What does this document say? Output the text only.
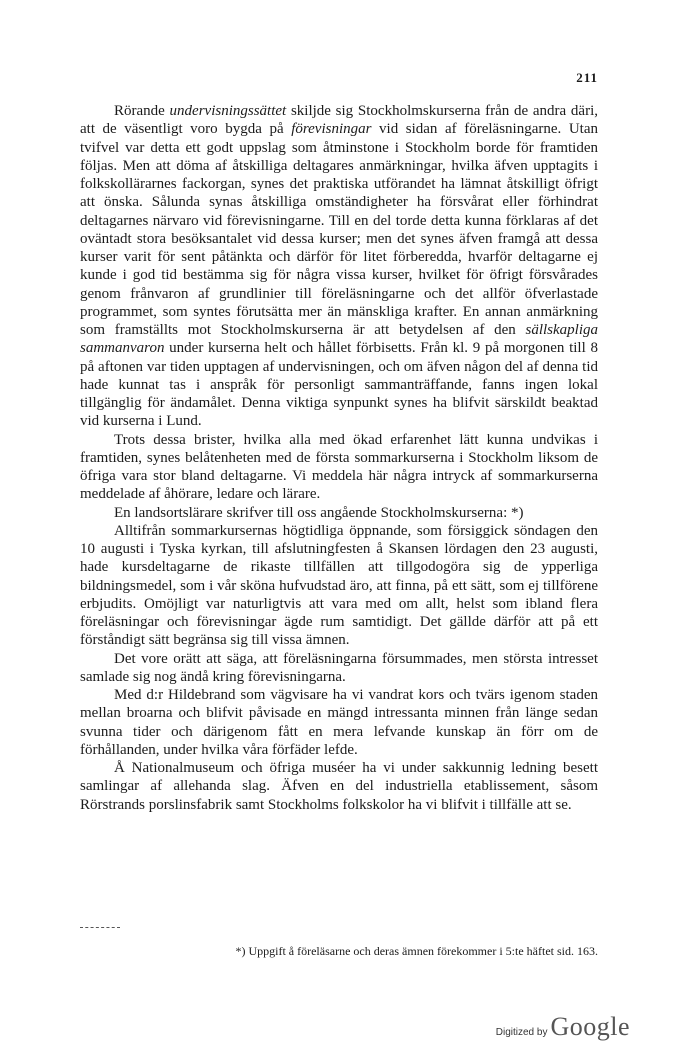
211

Rörande undervisningssättet skiljde sig Stockholmskurserna från de andra däri, att de väsentligt voro bygda på förevisningar vid sidan af föreläsningarne. Utan tvifvel var detta ett godt uppslag som åtminstone i Stockholm borde för framtiden följas. Men att döma af åtskilliga deltagares anmärkningar, hvilka äfven upptagits i folkskollärarnes fackorgan, synes det praktiska utförandet ha lämnat åtskilligt öfrigt att önska. Sålunda synas åtskilliga omständigheter ha försvårat eller förhindrat deltagarnes närvaro vid förevisningarne. Till en del torde detta kunna förklaras af det oväntadt stora besöksantalet vid dessa kurser; men det synes äfven framgå att dessa kurser varit för sent påtänkta och därför för litet förberedda, hvarför deltagarne ej kunde i god tid bestämma sig för några vissa kurser, hvilket för öfrigt försvårades genom frånvaron af grundlinier till föreläsningarne och det allför öfverlastade programmet, som syntes förutsätta mer än mänskliga krafter. En annan anmärkning som framställts mot Stockholmskurserna är att betydelsen af den sällskapliga sammanvaron under kurserna helt och hållet förbisetts. Från kl. 9 på morgonen till 8 på aftonen var tiden upptagen af undervisningen, och om äfven någon del af denna tid hade kunnat tas i anspråk för personligt sammanträffande, fanns ingen lokal tillgänglig för ändamålet. Denna viktiga synpunkt synes ha blifvit särskildt beaktad vid kurserna i Lund.

Trots dessa brister, hvilka alla med ökad erfarenhet lätt kunna undvikas i framtiden, synes belåtenheten med de första sommarkurserna i Stockholm liksom de öfriga vara stor bland deltagarne. Vi meddela här några intryck af sommarkurserna meddelade af åhörare, ledare och lärare.

En landsortslärare skrifver till oss angående Stockholmskurserna: *)

Alltifrån sommarkursernas högtidliga öppnande, som försiggick söndagen den 10 augusti i Tyska kyrkan, till afslutningfesten å Skansen lördagen den 23 augusti, hade kursdeltagarne de rikaste tillfällen att tillgodogöra sig de ypperliga bildningsmedel, som i vår sköna hufvudstad äro, att finna, på ett sätt, som ej tillförene erbjudits. Omöjligt var naturligtvis att vara med om allt, helst som ibland flera föreläsningar och förevisningar ägde rum samtidigt. Det gällde därför att på ett förståndigt sätt begränsa sig till vissa ämnen.

Det vore orätt att säga, att föreläsningarna försummades, men största intresset samlade sig nog ändå kring förevisningarna.

Med d:r Hildebrand som vägvisare ha vi vandrat kors och tvärs igenom staden mellan broarna och blifvit påvisade en mängd intressanta minnen från länge sedan svunna tider och därigenom fått en mera lefvande kunskap än förr om de förhållanden, under hvilka våra förfäder lefde.

Å Nationalmuseum och öfriga muséer ha vi under sakkunnig ledning besett samlingar af allehanda slag. Äfven en del industriella etablissement, såsom Rörstrands porslinsfabrik samt Stockholms folkskolor ha vi blifvit i tillfälle att se.

*) Uppgift å föreläsarne och deras ämnen förekommer i 5:te häftet sid. 163.
Digitized by Google
